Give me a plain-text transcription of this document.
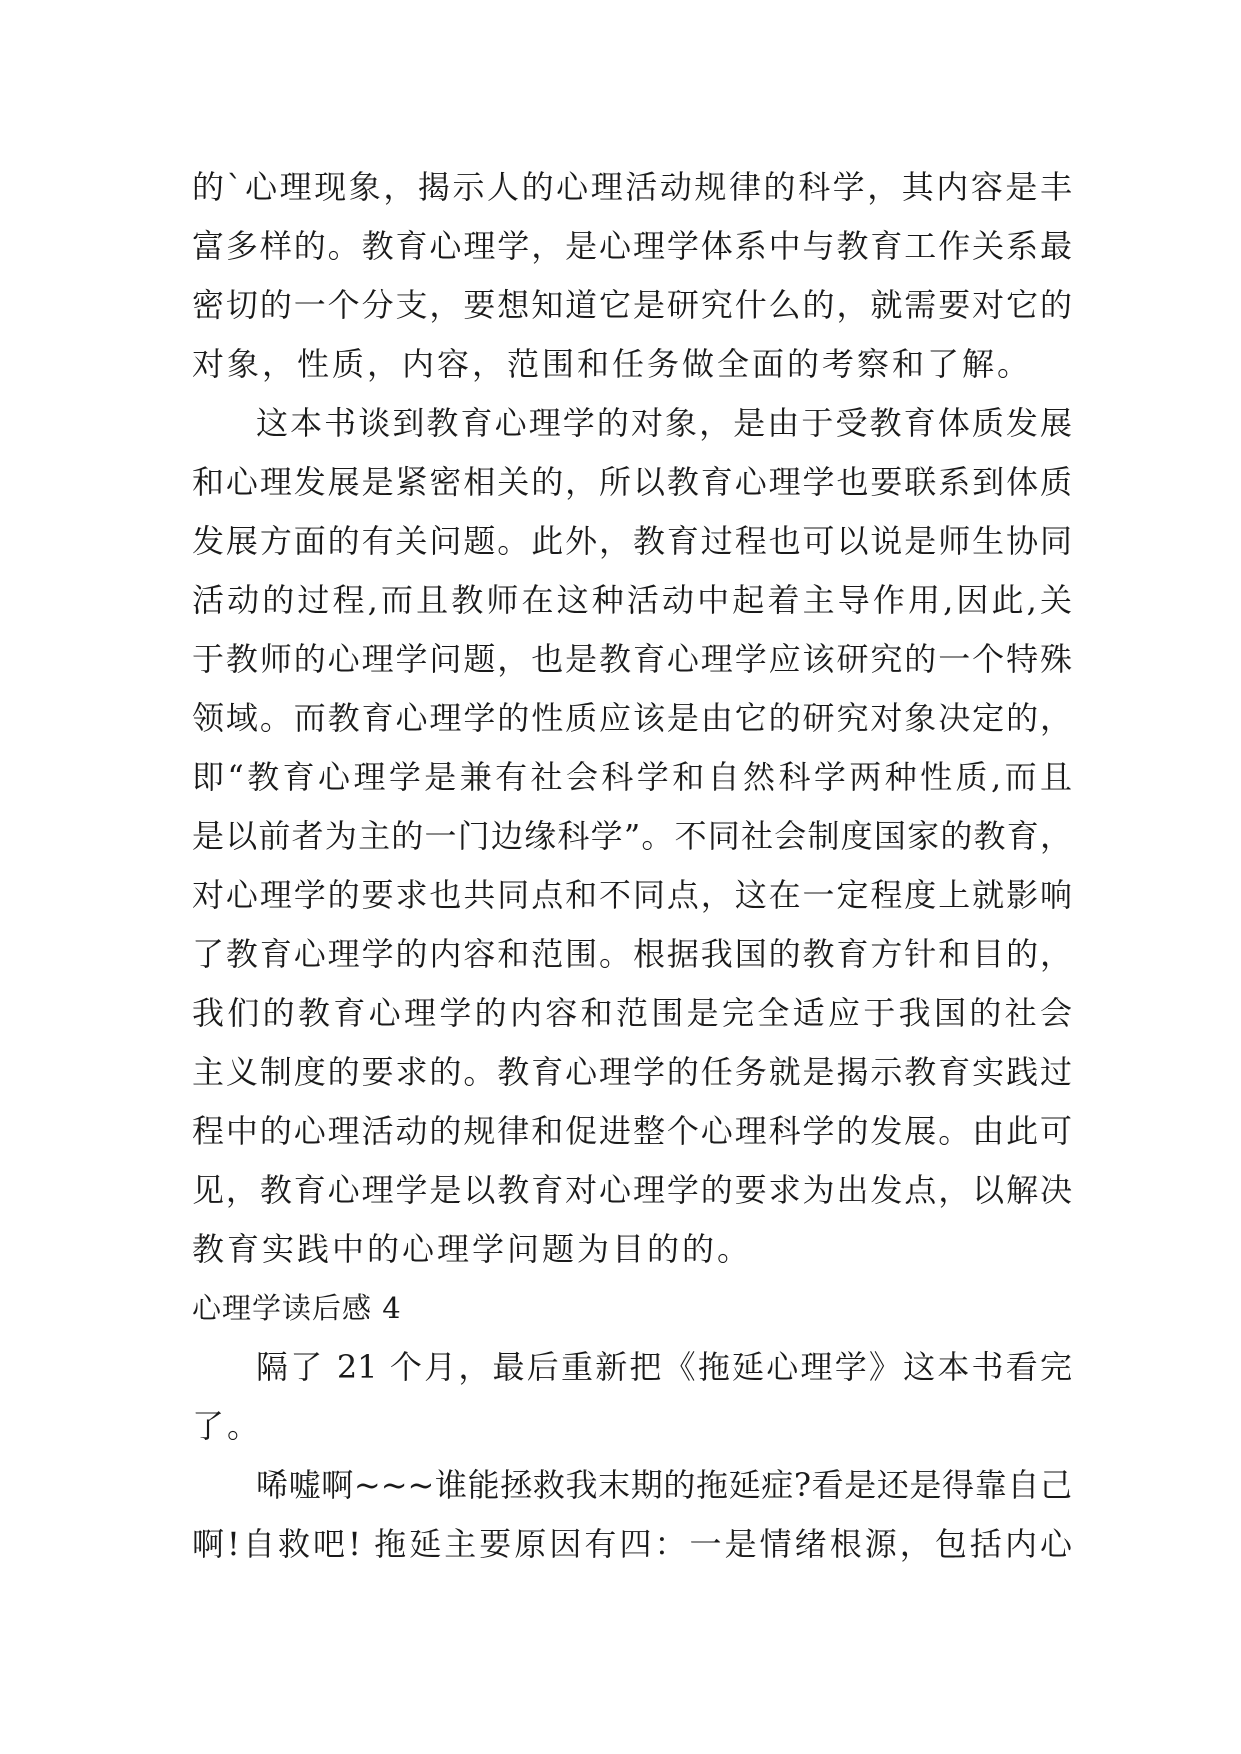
的`心理现象，揭示人的心理活动规律的科学，其内容是丰
富多样的。教育心理学，是心理学体系中与教育工作关系最
密切的一个分支，要想知道它是研究什么的，就需要对它的
对象，性质，内容，范围和任务做全面的考察和了解。
这本书谈到教育心理学的对象，是由于受教育体质发展
和心理发展是紧密相关的，所以教育心理学也要联系到体质
发展方面的有关问题。此外，教育过程也可以说是师生协同
活动的过程,而且教师在这种活动中起着主导作用,因此,关
于教师的心理学问题，也是教育心理学应该研究的一个特殊
领域。而教育心理学的性质应该是由它的研究对象决定的，
即“教育心理学是兼有社会科学和自然科学两种性质,而且
是以前者为主的一门边缘科学”。不同社会制度国家的教育，
对心理学的要求也共同点和不同点，这在一定程度上就影响
了教育心理学的内容和范围。根据我国的教育方针和目的，
我们的教育心理学的内容和范围是完全适应于我国的社会
主义制度的要求的。教育心理学的任务就是揭示教育实践过
程中的心理活动的规律和促进整个心理科学的发展。由此可
见，教育心理学是以教育对心理学的要求为出发点，以解决
教育实践中的心理学问题为目的的。
心理学读后感 4
隔了 21 个月，最后重新把《拖延心理学》这本书看完
了。
唏嘘啊~~~谁能拯救我末期的拖延症?看是还是得靠自己
啊!自救吧! 拖延主要原因有四：一是情绪根源，包括内心
